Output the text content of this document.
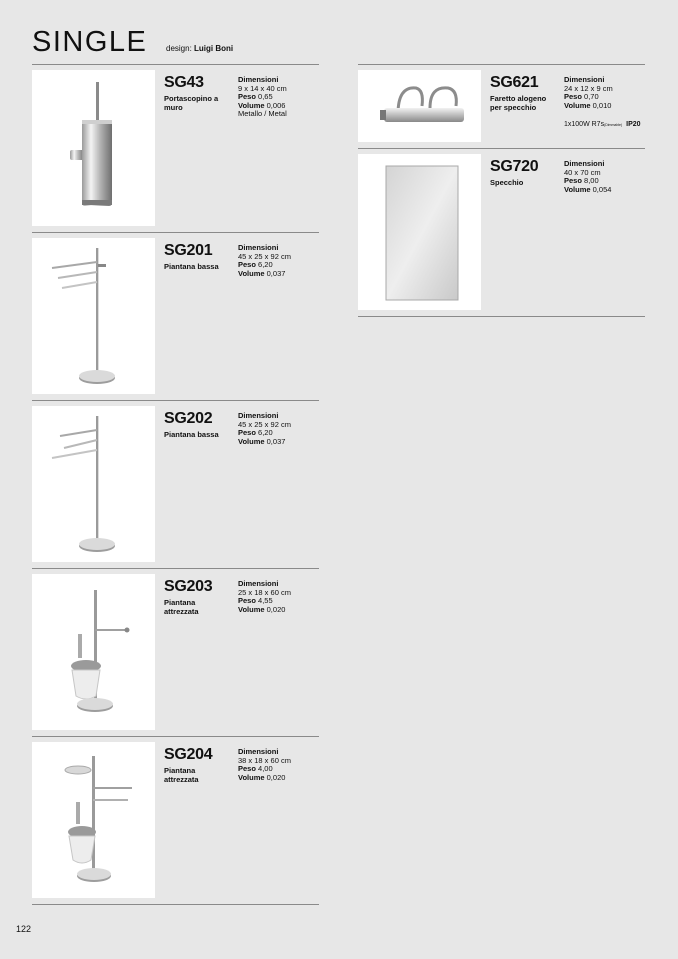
SINGLE design: Luigi Boni
SG43
Portascopino a muro
Dimensioni
9 x 14 x 40 cm
Peso 0,65
Volume 0,006
Metallo / Metal
SG201
Piantana bassa
Dimensioni
45 x 25 x 92 cm
Peso 6,20
Volume 0,037
SG202
Piantana bassa
Dimensioni
45 x 25 x 92 cm
Peso 6,20
Volume 0,037
SG203
Piantana attrezzata
Dimensioni
25 x 18 x 60 cm
Peso 4,55
Volume 0,020
SG204
Piantana attrezzata
Dimensioni
38 x 18 x 60 cm
Peso 4,00
Volume 0,020
SG621
Faretto alogeno per specchio
Dimensioni
24 x 12 x 9 cm
Peso 0,70
Volume 0,010
1x100W R7s(Dimmable) IP20
SG720
Specchio
Dimensioni
40 x 70 cm
Peso 8,00
Volume 0,054
122
